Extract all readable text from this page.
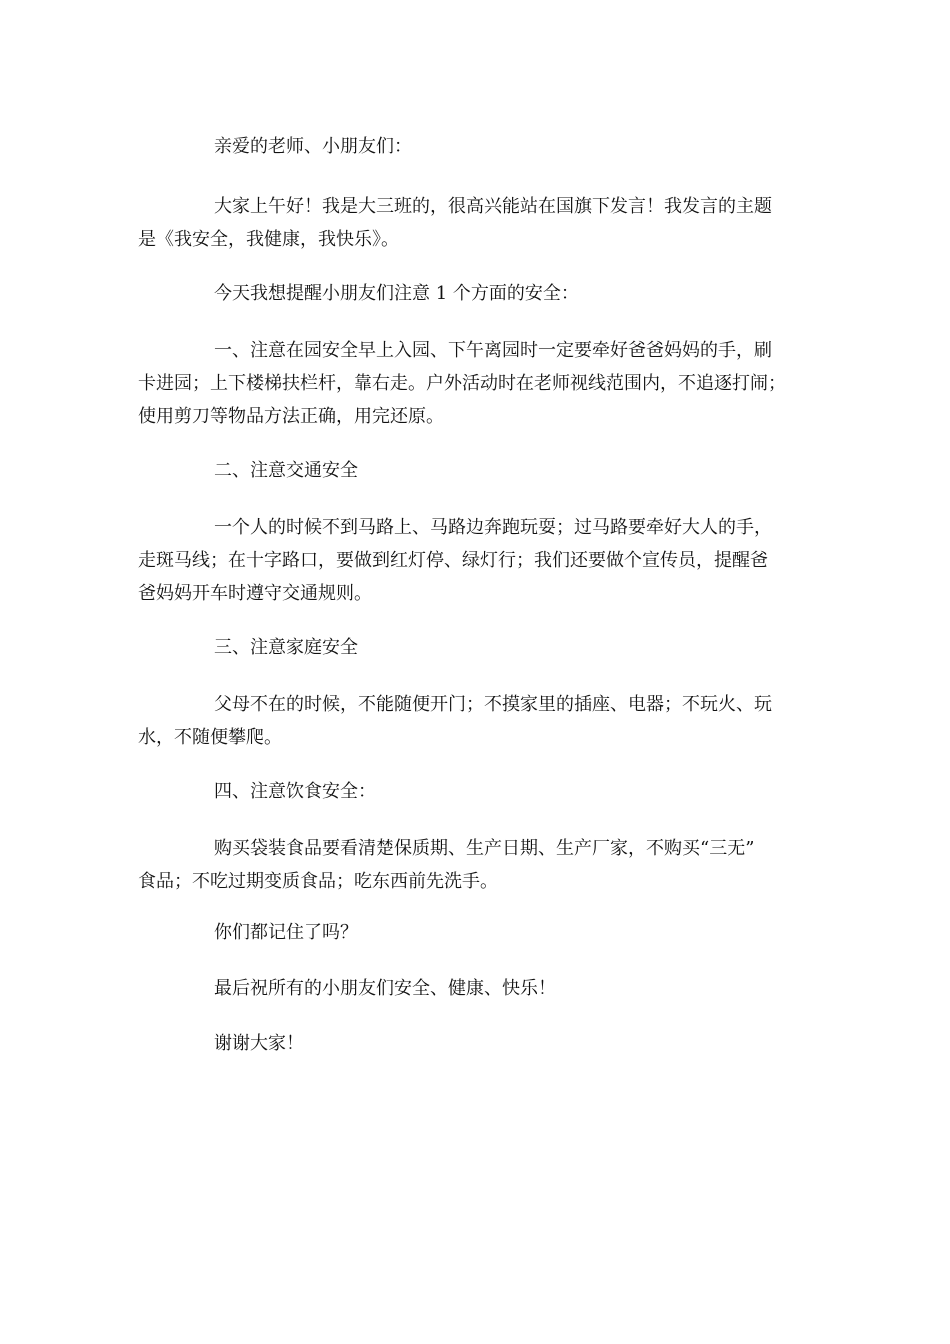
亲爱的老师、小朋友们：
大家上午好！我是大三班的，很高兴能站在国旗下发言！我发言的主题
是《我安全，我健康，我快乐》。
今天我想提醒小朋友们注意 1 个方面的安全：
一、注意在园安全早上入园、下午离园时一定要牵好爸爸妈妈的手，刷
卡进园；上下楼梯扶栏杆，靠右走。户外活动时在老师视线范围内，不追逐打闹；
使用剪刀等物品方法正确，用完还原。
二、注意交通安全
一个人的时候不到马路上、马路边奔跑玩耍；过马路要牵好大人的手，
走斑马线；在十字路口，要做到红灯停、绿灯行；我们还要做个宣传员，提醒爸
爸妈妈开车时遵守交通规则。
三、注意家庭安全
父母不在的时候，不能随便开门；不摸家里的插座、电器；不玩火、玩
水，不随便攀爬。
四、注意饮食安全：
购买袋装食品要看清楚保质期、生产日期、生产厂家，不购买“三无”
食品；不吃过期变质食品；吃东西前先洗手。
你们都记住了吗？
最后祝所有的小朋友们安全、健康、快乐！
谢谢大家！
